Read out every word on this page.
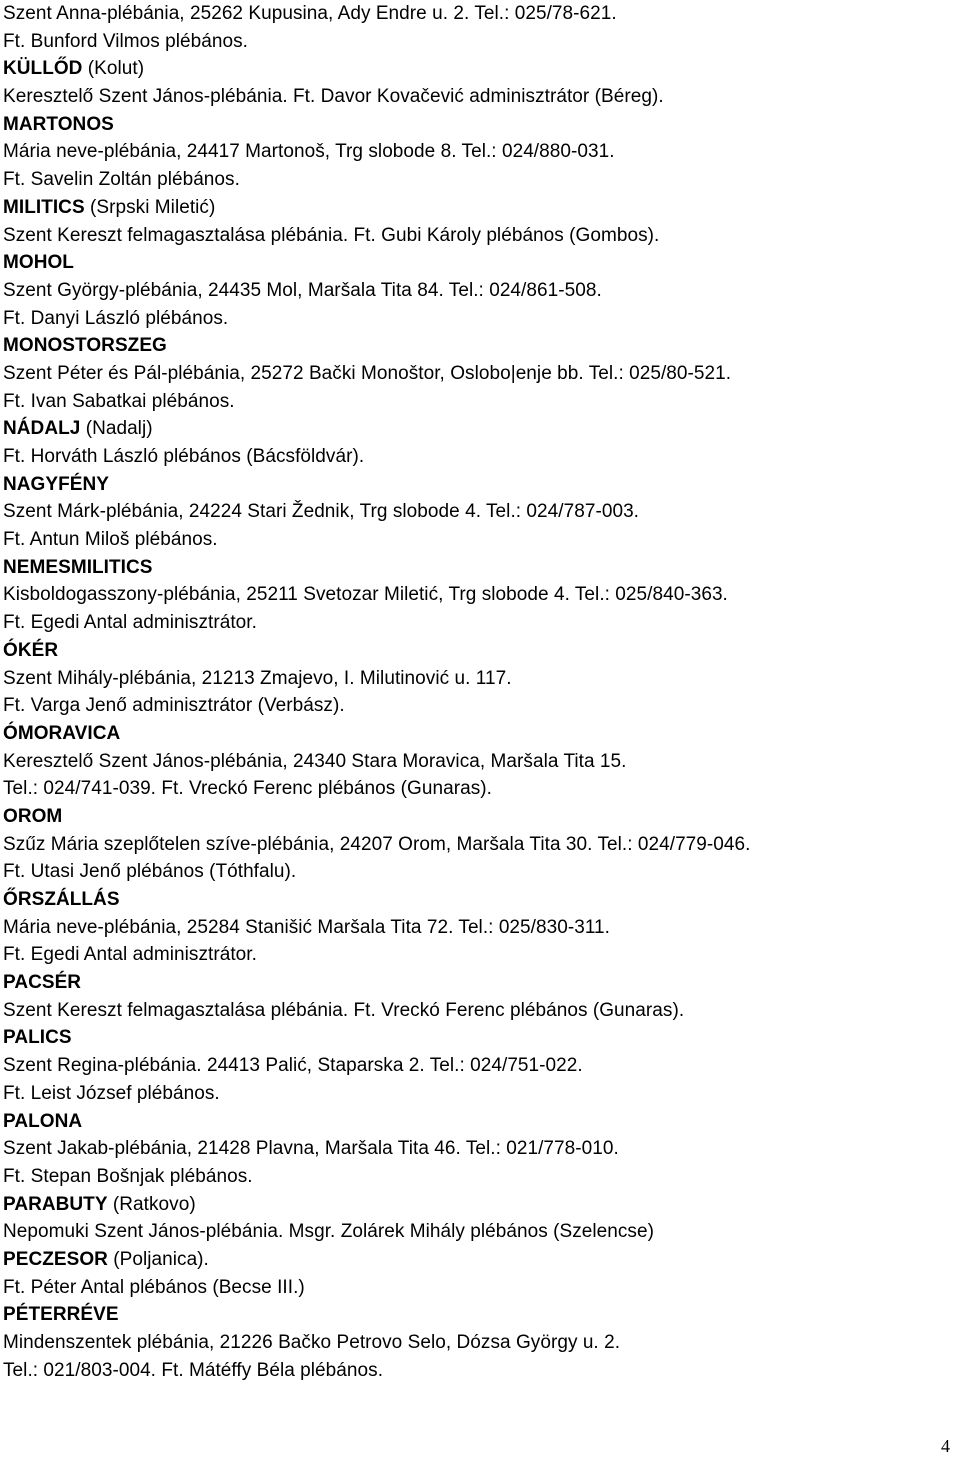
Szent Anna-plébánia, 25262 Kupusina, Ady Endre u. 2. Tel.: 025/78-621.
Ft. Bunford Vilmos plébános.
KÜLLŐD (Kolut)
Keresztelő Szent János-plébánia. Ft. Davor Kovačević adminisztrátor (Béreg).
MARTONOS
Mária neve-plébánia, 24417 Martonoš, Trg slobode 8. Tel.: 024/880-031.
Ft. Savelin Zoltán plébános.
MILITICS (Srpski Miletić)
Szent Kereszt felmagasztalása plébánia. Ft. Gubi Károly plébános (Gombos).
MOHOL
Szent György-plébánia, 24435 Mol, Maršala Tita 84. Tel.: 024/861-508.
Ft. Danyi László plébános.
MONOSTORSZEG
Szent Péter és Pál-plébánia, 25272 Bački Monoštor, Oslobo|enje bb. Tel.: 025/80-521.
Ft. Ivan Sabatkai plébános.
NÁDALJ (Nadalj)
Ft. Horváth László plébános (Bácsföldvár).
NAGYFÉNY
Szent Márk-plébánia, 24224 Stari Žednik, Trg slobode 4. Tel.: 024/787-003.
Ft. Antun Miloš plébános.
NEMESMILITICS
Kisboldogasszony-plébánia, 25211 Svetozar Miletić, Trg slobode 4. Tel.: 025/840-363.
Ft. Egedi Antal adminisztrátor.
ÓKÉR
Szent Mihály-plébánia, 21213 Zmajevo, I. Milutinović u. 117.
Ft. Varga Jenő adminisztrátor (Verbász).
ÓMORAVICA
Keresztelő Szent János-plébánia, 24340 Stara Moravica, Maršala Tita 15.
Tel.: 024/741-039. Ft. Vreckó Ferenc plébános (Gunaras).
OROM
Szűz Mária szeplőtelen szíve-plébánia, 24207 Orom, Maršala Tita 30. Tel.: 024/779-046.
Ft. Utasi Jenő plébános (Tóthfalu).
ŐRSZÁLLÁS
Mária neve-plébánia, 25284 Stanišić Maršala Tita 72. Tel.: 025/830-311.
Ft. Egedi Antal adminisztrátor.
PACSÉR
Szent Kereszt felmagasztalása plébánia. Ft. Vreckó Ferenc plébános (Gunaras).
PALICS
Szent Regina-plébánia. 24413 Palić, Staparska 2. Tel.: 024/751-022.
Ft. Leist József plébános.
PALONA
Szent Jakab-plébánia, 21428 Plavna, Maršala Tita 46. Tel.: 021/778-010.
Ft. Stepan Bošnjak plébános.
PARABUTY (Ratkovo)
Nepomuki Szent János-plébánia. Msgr. Zolárek Mihály plébános (Szelencse)
PECZESOR (Poljanica).
Ft. Péter Antal plébános (Becse III.)
PÉTERRÉVE
Mindenszentek plébánia, 21226 Bačko Petrovo Selo, Dózsa György u. 2.
Tel.: 021/803-004. Ft. Mátéffy Béla plébános.
4
